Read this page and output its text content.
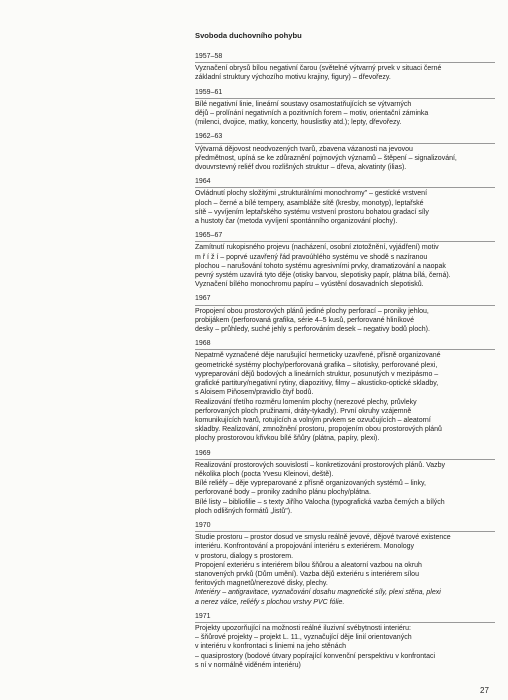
Svoboda duchovního pohybu
1957–58
Vyznačení obrysů bílou negativní čarou (světelné výtvarný prvek v situaci černé
základní struktury výchozího motivu krajiny, figury) – dřevořezy.
1959–61
Bílé negativní linie, lineární soustavy osamostatňujících se výtvarných
dějů – prolínání negativních a pozitivních forem – motiv, orientační záminka
(milenci, dvojice, matky, koncerty, houslistky atd.); lepty, dřevořezy.
1962–63
Výtvarná dějovost neodvozených tvarů, zbavena vázanosti na jevovou
předmětnost, upíná se ke zdůraznění pojmových významů – štěpení – signalizování,
dvouvrstevný reliéf dvou rozlišných struktur – dřeva, akvatinty (ilias).
1964
Ovládnutí plochy složitými „strukturálními monochromy" – gestické vrstvení
ploch – černé a bílé tempery, asambláže sítě (kresby, monotyp), leptařské
sítě – vyvíjením leptařského systému vrstvení prostoru bohatou gradací síly
a hustoty čar (metoda vyvíjení spontánního organizování plochy).
1965–67
Zamítnutí rukopisného projevu (nacházení, osobní ztotožnění, vyjádření) motiv
m ř í ž í – poprvé uzavřený řád pravoúhlého systému ve shodě s nazíranou
plochou – narušování tohoto systému agresivními prvky, dramatizování a naopak
pevný systém uzavírá tyto děje (otisky barvou, slepotisky papír, plátna bílá, černá).
Vyznačení bílého monochromu papíru – vyústění dosavadních slepotisků.
1967
Propojení obou prostorových plánů jediné plochy perforací – proniky jehlou,
probijákem (perforovaná grafika, série 4–5 kusů, perforované hliníkové
desky – průhledy, suché jehly s perforováním desek – negativy bodů ploch).
1968
Nepatrně vyznačené děje narušující hermeticky uzavřené, přísně organizované
geometrické systémy plochy/perforovaná grafika – sítotisky, perforované plexi,
vypreparování dějů bodových a lineárních struktur, posunutých v mezipásmo –
grafické partitury/negativní rytiny, diapozitivy, filmy – akusticko-optické skladby,
s Aloisem Piňosem/pravidlo čtyř bodů.
Realizování třetího rozměru lomením plochy (nerezové plechy, průvleky
perforovaných ploch pružinami, dráty-tykadly). První okruhy vzájemně
komunikujících tvarů, rotujících a volným prvkem se ozvučujících – aleatorní
skladby. Realizování, zmnožnění prostoru, propojením obou prostorových plánů
plochy prostorovou křivkou bílé šňůry (plátna, papíry, plexi).
1969
Realizování prostorových souvislostí – konkretizování prostorových plánů. Vazby
několika ploch (pocta Yvesu Kleinovi, deště).
Bílé reliéfy – děje vypreparované z přísně organizovaných systémů – linky,
perforované body – proniky zadního plánu plochy/plátna.
Bílé listy – bibliofilie – s texty Jiřího Valocha (typografická vazba černých a bílých
ploch odlišných formátů „listů").
1970
Studie prostoru – prostor dosud ve smyslu reálně jevové, dějové tvarové existence
interiéru. Konfrontování a propojování interiéru s exteriérem. Monology
v prostoru, dialogy s prostorem.
Propojení exteriéru s interiérem bílou šňůrou a aleatorní vazbou na okruh
stanovených prvků (Dům umění). Vazba dějů exteriéru s interiérem sílou
feritových magnetů/nerezové disky, plechy.
Interiéry – antigravitace, vyznačování dosahu magnetické síly, plexi stěna, plexi
a nerez válce, reliéfy s plochou vrstvy PVC fólie.
1971
Projekty upozorňující na možnosti reálné iluzivní svébytnosti interiéru:
– šňůrové projekty – projekt L. 11., vyznačující děje linií orientovaných
v interiéru v konfrontaci s liniemi na jeho stěnách
– quasiprostory (bodové útvary popírající konvenční perspektivu v konfrontaci
s ní v normálně viděném interiéru)
27
